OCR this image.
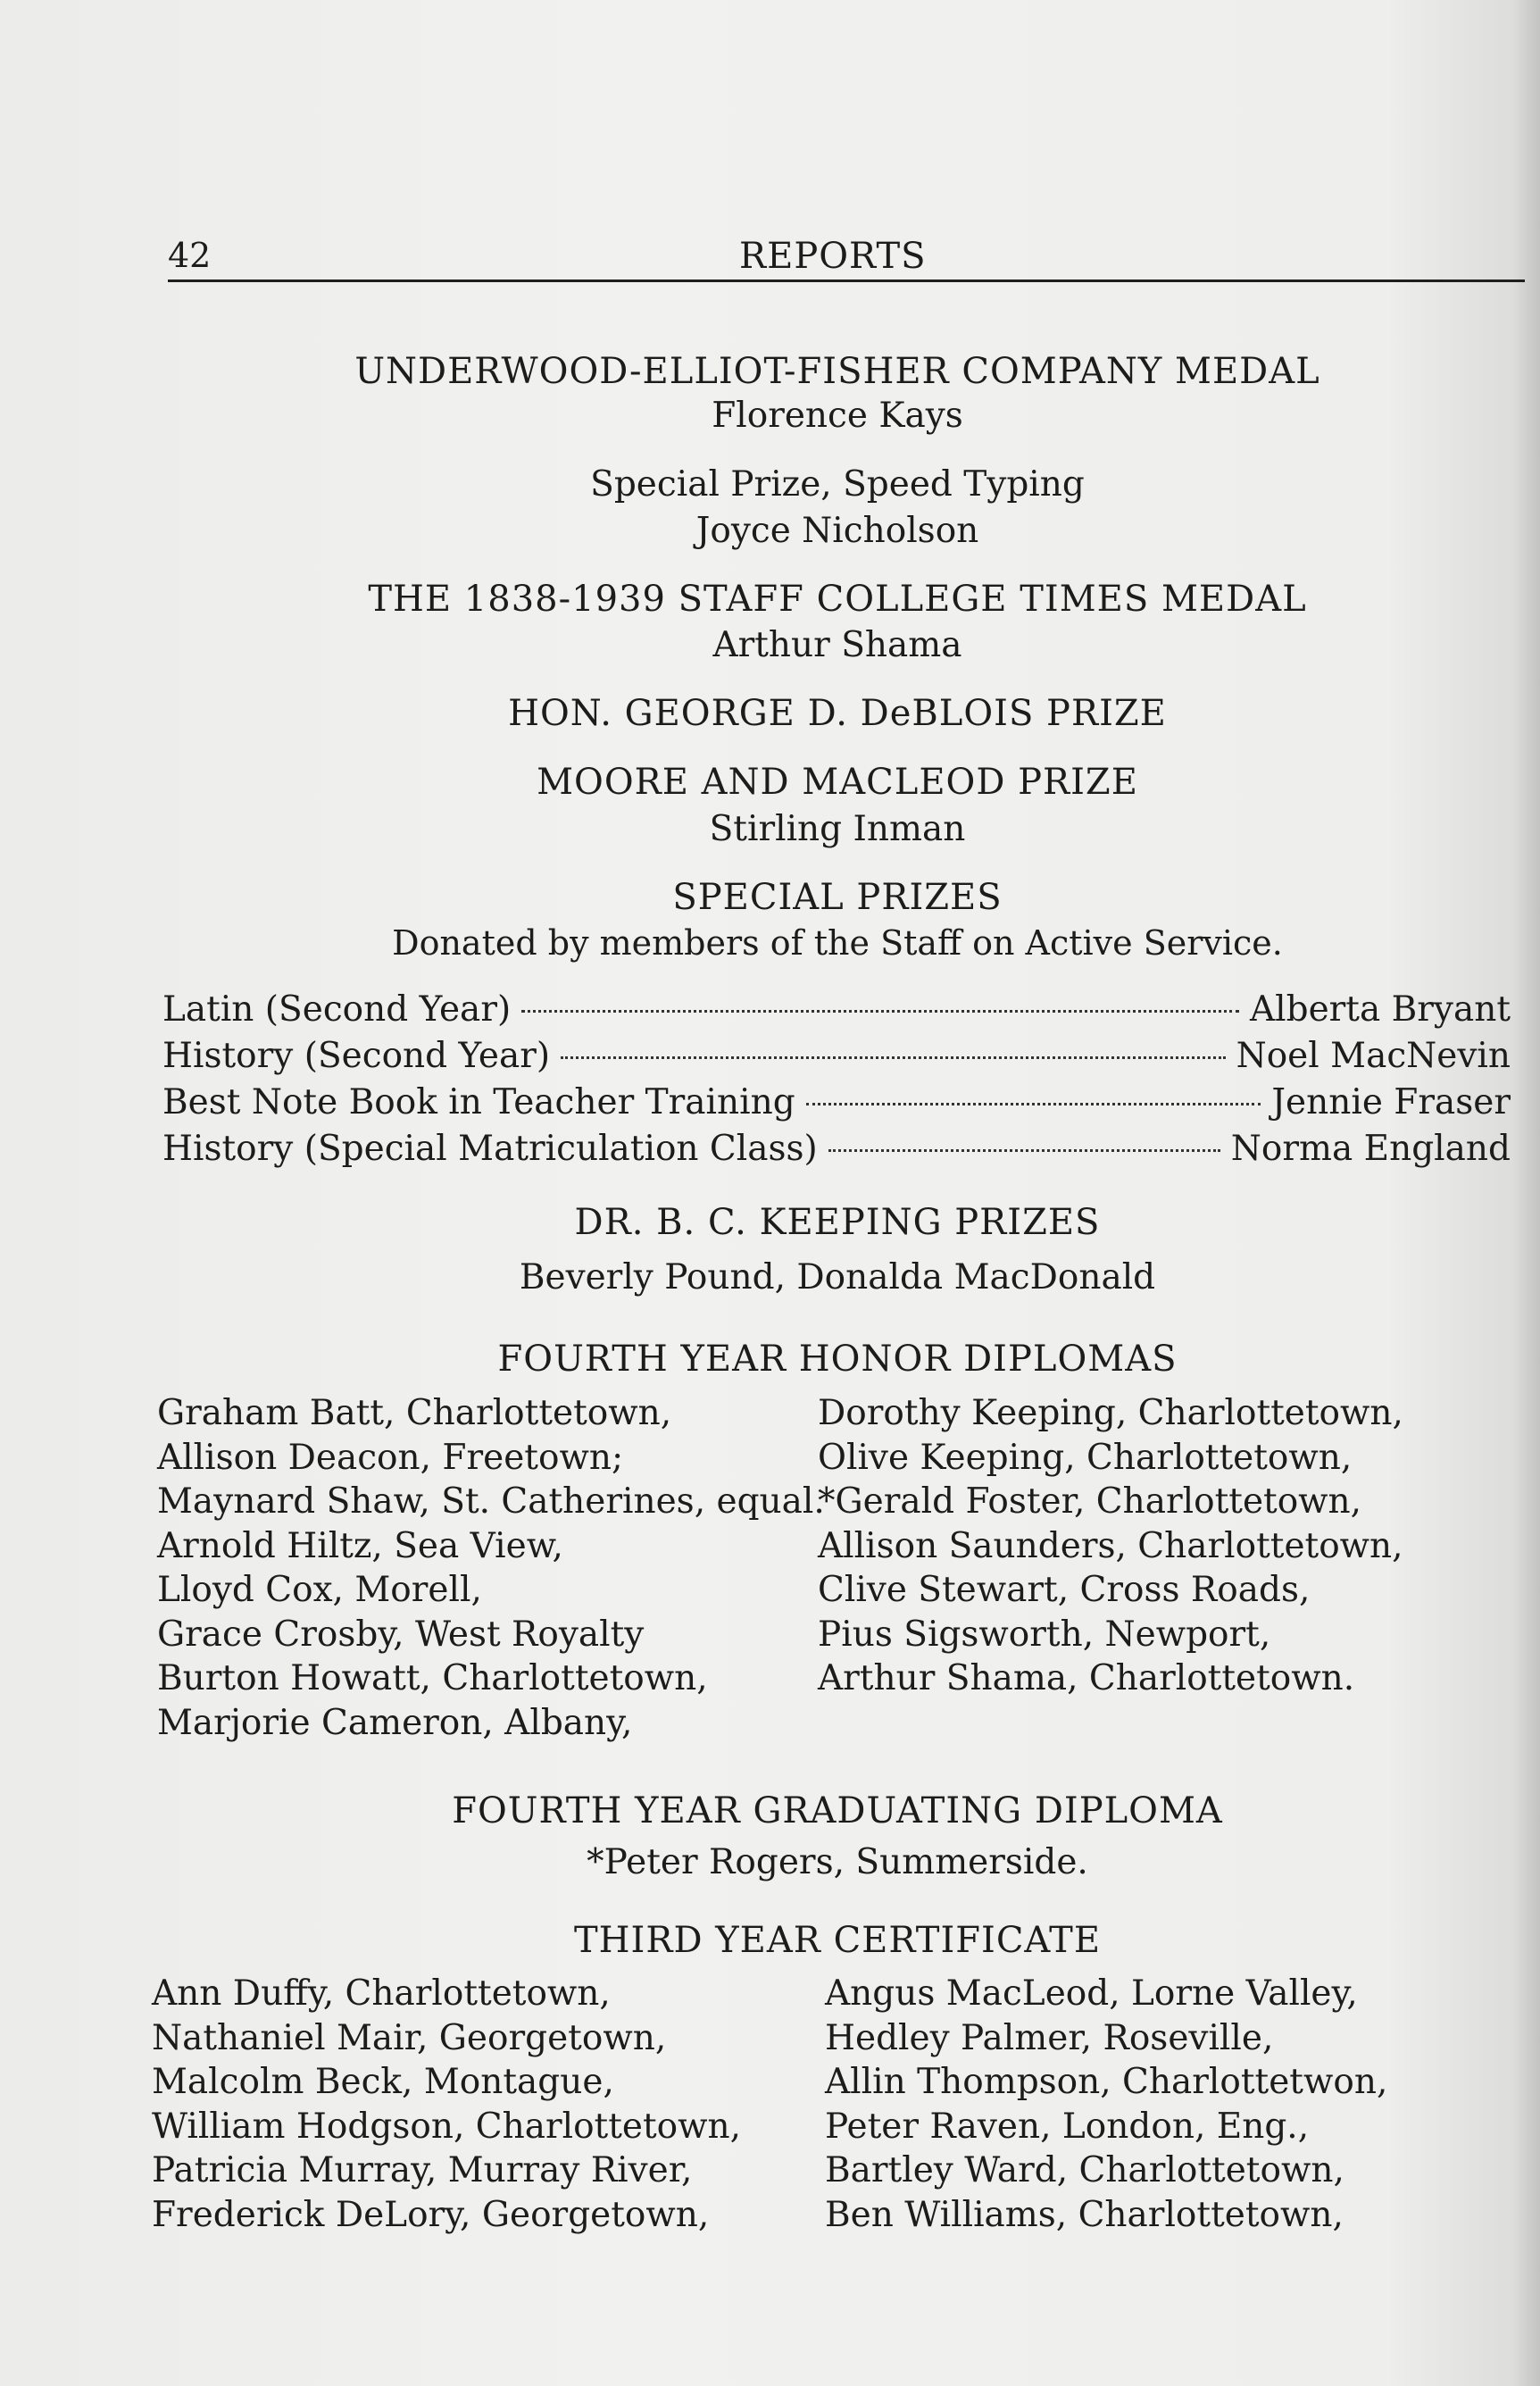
42	REPORTS
UNDERWOOD-ELLIOT-FISHER COMPANY MEDAL
Florence Kays
Special Prize, Speed Typing
Joyce Nicholson
THE 1838-1939 STAFF COLLEGE TIMES MEDAL
Arthur Shama
HON. GEORGE D. DeBLOIS PRIZE
MOORE AND MACLEOD PRIZE
Stirling Inman
SPECIAL PRIZES
Donated by members of the Staff on Active Service.
Latin (Second Year)	Alberta Bryant
History (Second Year)	Noel MacNevin
Best Note Book in Teacher Training	Jennie Fraser
History (Special Matriculation Class)	Norma England
DR. B. C. KEEPING PRIZES
Beverly Pound, Donalda MacDonald
FOURTH YEAR HONOR DIPLOMAS
Graham Batt, Charlottetown,
Allison Deacon, Freetown;
Maynard Shaw, St. Catherines, equal.
Arnold Hiltz, Sea View,
Lloyd Cox, Morell,
Grace Crosby, West Royalty
Burton Howatt, Charlottetown,
Marjorie Cameron, Albany,
Dorothy Keeping, Charlottetown,
Olive Keeping, Charlottetown,
*Gerald Foster, Charlottetown,
Allison Saunders, Charlottetown,
Clive Stewart, Cross Roads,
Pius Sigsworth, Newport,
Arthur Shama, Charlottetown.
FOURTH YEAR GRADUATING DIPLOMA
*Peter Rogers, Summerside.
THIRD YEAR CERTIFICATE
Ann Duffy, Charlottetown,
Nathaniel Mair, Georgetown,
Malcolm Beck, Montague,
William Hodgson, Charlottetown,
Patricia Murray, Murray River,
Frederick DeLory, Georgetown,
Angus MacLeod, Lorne Valley,
Hedley Palmer, Roseville,
Allin Thompson, Charlottetwon,
Peter Raven, London, Eng.,
Bartley Ward, Charlottetown,
Ben Williams, Charlottetown,
